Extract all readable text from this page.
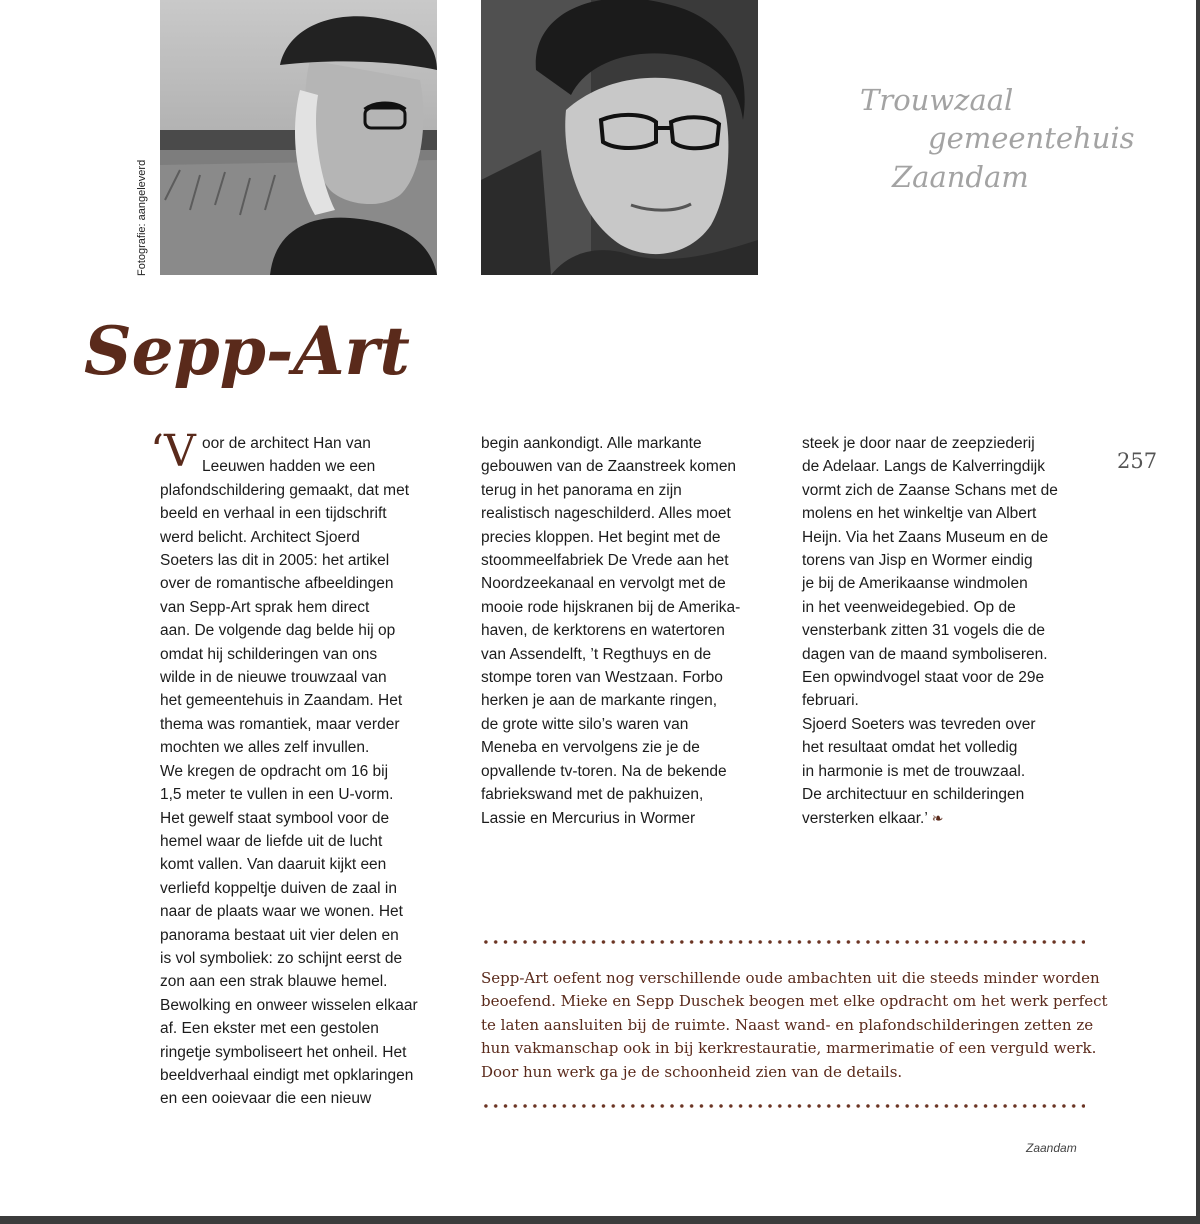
Fotografie: aangeleverd
Trouwzaal
gemeentehuis
Zaandam
Sepp-Art
257
‘V oor de architect Han van
Leeuwen hadden we een
plafondschildering gemaakt, dat met
beeld en verhaal in een tijdschrift
werd belicht. Architect Sjoerd
Soeters las dit in 2005: het artikel
over de romantische afbeeldingen
van Sepp-Art sprak hem direct
aan. De volgende dag belde hij op
omdat hij schilderingen van ons
wilde in de nieuwe trouwzaal van
het gemeentehuis in Zaandam. Het
thema was romantiek, maar verder
mochten we alles zelf invullen.
We kregen de opdracht om 16 bij
1,5 meter te vullen in een U-vorm.
Het gewelf staat symbool voor de
hemel waar de liefde uit de lucht
komt vallen. Van daaruit kijkt een
verliefd koppeltje duiven de zaal in
naar de plaats waar we wonen. Het
panorama bestaat uit vier delen en
is vol symboliek: zo schijnt eerst de
zon aan een strak blauwe hemel.
Bewolking en onweer wisselen elkaar
af. Een ekster met een gestolen
ringetje symboliseert het onheil. Het
beeldverhaal eindigt met opklaringen
en een ooievaar die een nieuw
begin aankondigt. Alle markante
gebouwen van de Zaanstreek komen
terug in het panorama en zijn
realistisch nageschilderd. Alles moet
precies kloppen. Het begint met de
stoommeelfabriek De Vrede aan het
Noordzeekanaal en vervolgt met de
mooie rode hijskranen bij de Amerika-
haven, de kerktorens en watertoren
van Assendelft, ’t Regthuys en de
stompe toren van Westzaan. Forbo
herken je aan de markante ringen,
de grote witte silo’s waren van
Meneba en vervolgens zie je de
opvallende tv-toren. Na de bekende
fabriekswand met de pakhuizen,
Lassie en Mercurius in Wormer
steek je door naar de zeepziederij
de Adelaar. Langs de Kalverringdijk
vormt zich de Zaanse Schans met de
molens en het winkeltje van Albert
Heijn. Via het Zaans Museum en de
torens van Jisp en Wormer eindig
je bij de Amerikaanse windmolen
in het veenweidegebied. Op de
vensterbank zitten 31 vogels die de
dagen van de maand symboliseren.
Een opwindvogel staat voor de 29e
februari.
Sjoerd Soeters was tevreden over
het resultaat omdat het volledig
in harmonie is met de trouwzaal.
De architectuur en schilderingen
versterken elkaar.’ ❧
Sepp-Art oefent nog verschillende oude ambachten uit die steeds minder worden
beoefend. Mieke en Sepp Duschek beogen met elke opdracht om het werk perfect
te laten aansluiten bij de ruimte. Naast wand- en plafondschilderingen zetten ze
hun vakmanschap ook in bij kerkrestauratie, marmerimatie of een verguld werk.
Door hun werk ga je de schoonheid zien van de details.
Zaandam
